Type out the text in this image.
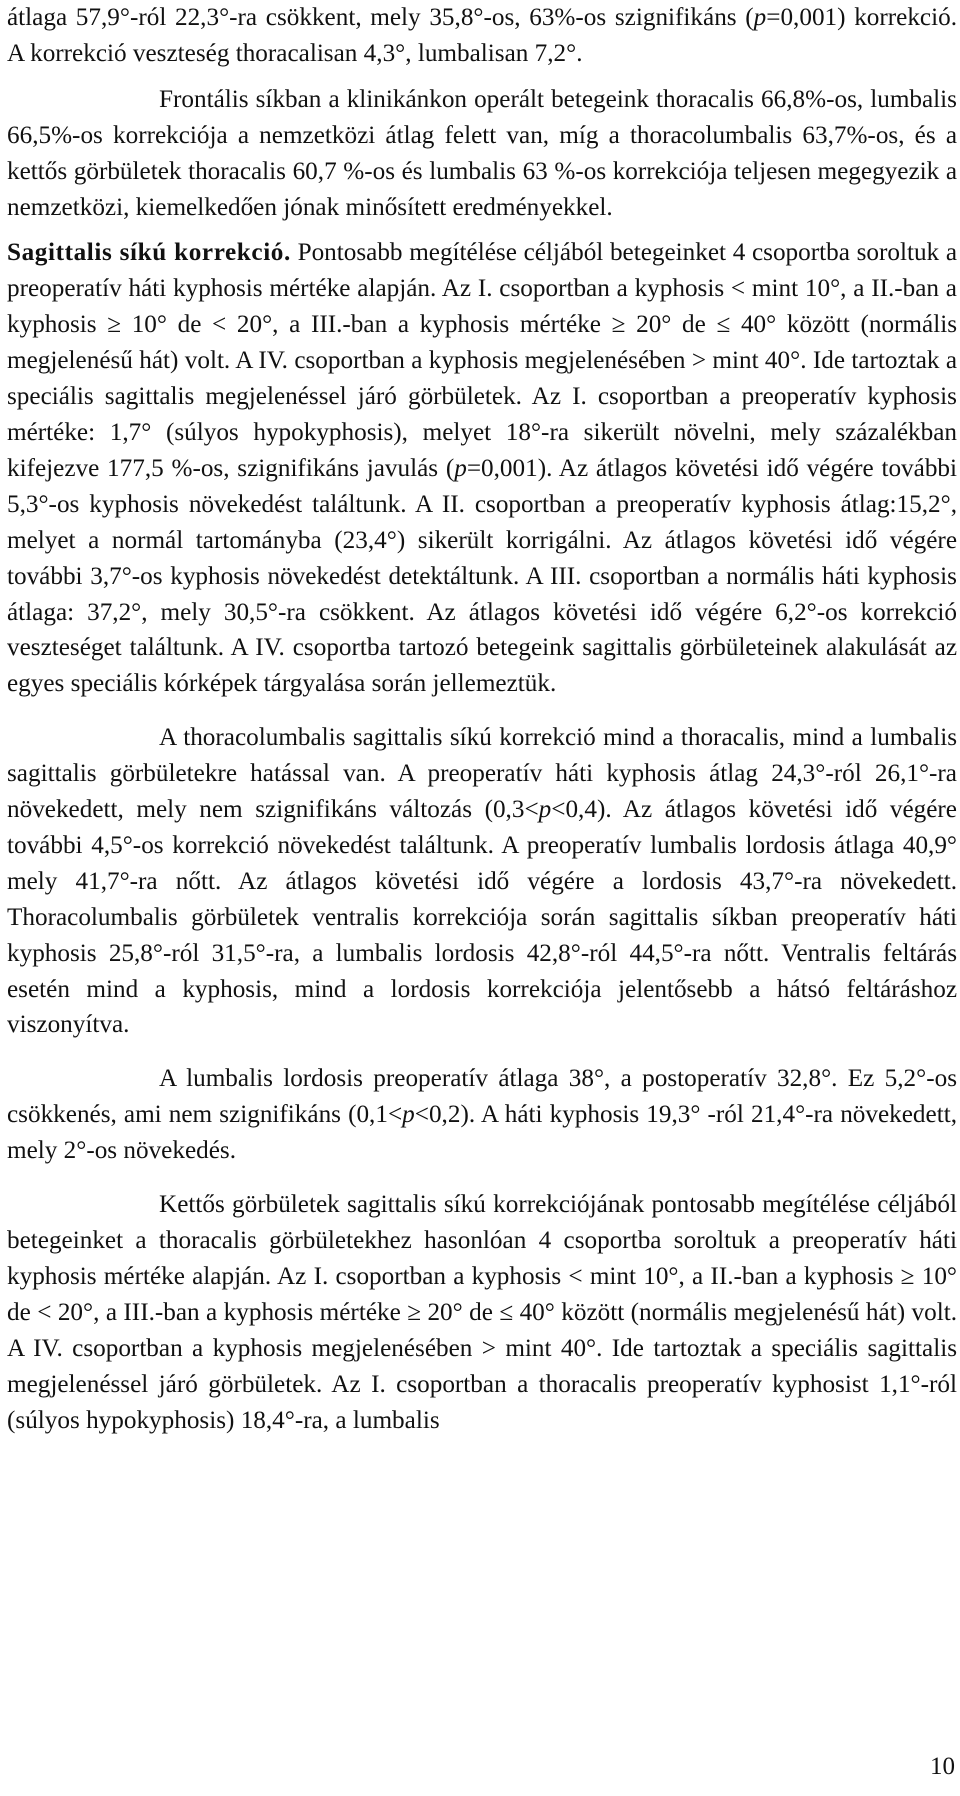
átlaga 57,9°-ról 22,3°-ra csökkent, mely 35,8°-os, 63%-os szignifikáns (p=0,001) korrekció. A korrekció veszteség thoracalisan 4,3°, lumbalisan 7,2°.

Frontális síkban a klinikánkon operált betegeink thoracalis 66,8%-os, lumbalis 66,5%-os korrekciója a nemzetközi átlag felett van, míg a thoracolumbalis 63,7%-os, és a kettős görbületek thoracalis 60,7 %-os és lumbalis 63 %-os korrekciója teljesen megegyezik a nemzetközi, kiemelkedően jónak minősített eredményekkel.

Sagittalis síkú korrekció. Pontosabb megítélése céljából betegeinket 4 csoportba soroltuk a preoperatív háti kyphosis mértéke alapján. Az I. csoportban a kyphosis < mint 10°, a II.-ban a kyphosis ≥ 10° de < 20°, a III.-ban a kyphosis mértéke ≥ 20° de ≤ 40° között (normális megjelenésű hát) volt. A IV. csoportban a kyphosis megjelenésében > mint 40°. Ide tartoztak a speciális sagittalis megjelenéssel járó görbületek. Az I. csoportban a preoperatív kyphosis mértéke: 1,7° (súlyos hypokyphosis), melyet 18°-ra sikerült növelni, mely százalékban kifejezve 177,5 %-os, szignifikáns javulás (p=0,001). Az átlagos követési idő végére további 5,3°-os kyphosis növekedést találtunk. A II. csoportban a preoperatív kyphosis átlag:15,2°, melyet a normál tartományba (23,4°) sikerült korrigálni. Az átlagos követési idő végére további 3,7°-os kyphosis növekedést detektáltunk. A III. csoportban a normális háti kyphosis átlaga: 37,2°, mely 30,5°-ra csökkent. Az átlagos követési idő végére 6,2°-os korrekció veszteséget találtunk. A IV. csoportba tartozó betegeink sagittalis görbületeinek alakulását az egyes speciális kórképek tárgyalása során jellemeztük.

A thoracolumbalis sagittalis síkú korrekció mind a thoracalis, mind a lumbalis sagittalis görbületekre hatással van. A preoperatív háti kyphosis átlag 24,3°-ról 26,1°-ra növekedett, mely nem szignifikáns változás (0,3<p<0,4). Az átlagos követési idő végére további 4,5°-os korrekció növekedést találtunk. A preoperatív lumbalis lordosis átlaga 40,9° mely 41,7°-ra nőtt. Az átlagos követési idő végére a lordosis 43,7°-ra növekedett. Thoracolumbalis görbületek ventralis korrekciója során sagittalis síkban preoperatív háti kyphosis 25,8°-ról 31,5°-ra, a lumbalis lordosis 42,8°-ról 44,5°-ra nőtt. Ventralis feltárás esetén mind a kyphosis, mind a lordosis korrekciója jelentősebb a hátsó feltáráshoz viszonyítva.

A lumbalis lordosis preoperatív átlaga 38°, a postoperatív 32,8°. Ez 5,2°-os csökkenés, ami nem szignifikáns (0,1<p<0,2). A háti kyphosis 19,3° -ról 21,4°-ra növekedett, mely 2°-os növekedés.

Kettős görbületek sagittalis síkú korrekciójának pontosabb megítélése céljából betegeinket a thoracalis görbületekhez hasonlóan 4 csoportba soroltuk a preoperatív háti kyphosis mértéke alapján. Az I. csoportban a kyphosis < mint 10°, a II.-ban a kyphosis ≥ 10° de < 20°, a III.-ban a kyphosis mértéke ≥ 20° de ≤ 40° között (normális megjelenésű hát) volt. A IV. csoportban a kyphosis megjelenésében > mint 40°. Ide tartoztak a speciális sagittalis megjelenéssel járó görbületek. Az I. csoportban a thoracalis preoperatív kyphosist 1,1°-ról (súlyos hypokyphosis) 18,4°-ra, a lumbalis

10
